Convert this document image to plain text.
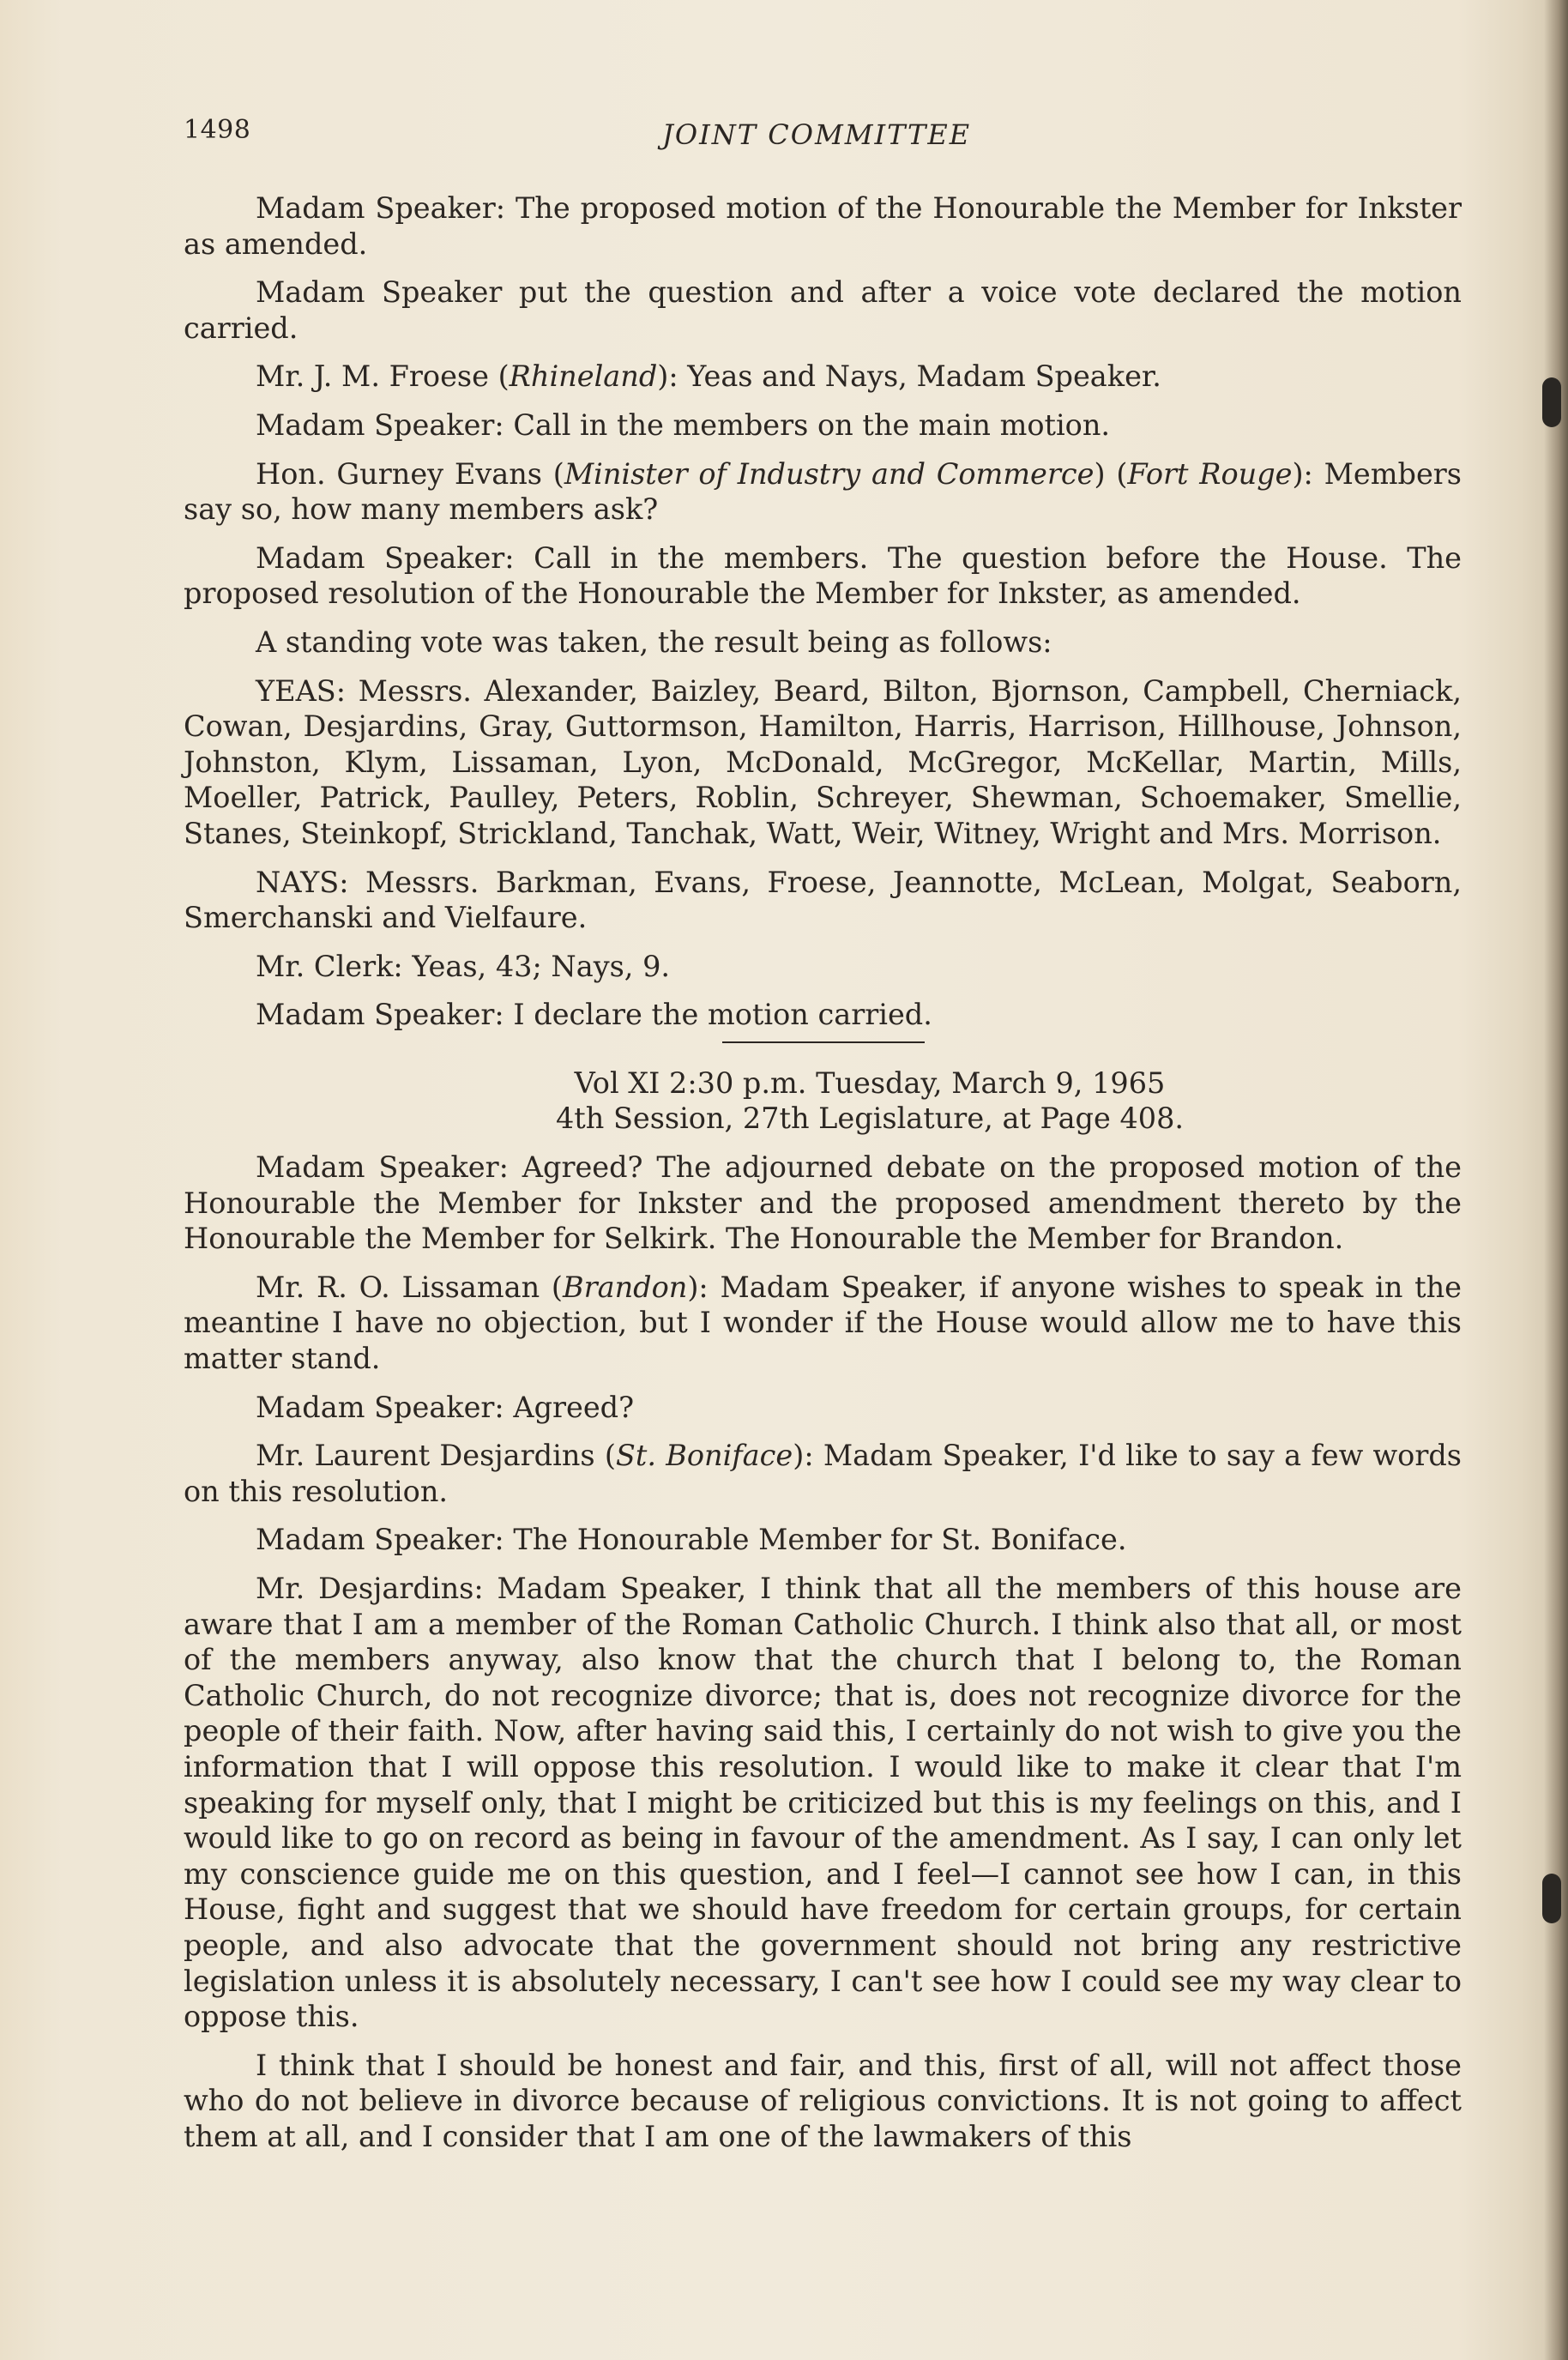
1498	JOINT COMMITTEE

Madam Speaker: The proposed motion of the Honourable the Member for Inkster as amended.

Madam Speaker put the question and after a voice vote declared the motion carried.

Mr. J. M. Froese (Rhineland): Yeas and Nays, Madam Speaker.

Madam Speaker: Call in the members on the main motion.

Hon. Gurney Evans (Minister of Industry and Commerce) (Fort Rouge): Members say so, how many members ask?

Madam Speaker: Call in the members. The question before the House. The proposed resolution of the Honourable the Member for Inkster, as amended.

A standing vote was taken, the result being as follows:

YEAS: Messrs. Alexander, Baizley, Beard, Bilton, Bjornson, Campbell, Cherniack, Cowan, Desjardins, Gray, Guttormson, Hamilton, Harris, Harrison, Hillhouse, Johnson, Johnston, Klym, Lissaman, Lyon, McDonald, McGregor, McKellar, Martin, Mills, Moeller, Patrick, Paulley, Peters, Roblin, Schreyer, Shewman, Schoemaker, Smellie, Stanes, Steinkopf, Strickland, Tanchak, Watt, Weir, Witney, Wright and Mrs. Morrison.

NAYS: Messrs. Barkman, Evans, Froese, Jeannotte, McLean, Molgat, Seaborn, Smerchanski and Vielfaure.

Mr. Clerk: Yeas, 43; Nays, 9.

Madam Speaker: I declare the motion carried.

Vol XI 2:30 p.m. Tuesday, March 9, 1965

4th Session, 27th Legislature, at Page 408.

Madam Speaker: Agreed? The adjourned debate on the proposed motion of the Honourable the Member for Inkster and the proposed amendment thereto by the Honourable the Member for Selkirk. The Honourable the Member for Brandon.

Mr. R. O. Lissaman (Brandon): Madam Speaker, if anyone wishes to speak in the meantine I have no objection, but I wonder if the House would allow me to have this matter stand.

Madam Speaker: Agreed?

Mr. Laurent Desjardins (St. Boniface): Madam Speaker, I'd like to say a few words on this resolution.

Madam Speaker: The Honourable Member for St. Boniface.

Mr. Desjardins: Madam Speaker, I think that all the members of this house are aware that I am a member of the Roman Catholic Church. I think also that all, or most of the members anyway, also know that the church that I belong to, the Roman Catholic Church, do not recognize divorce; that is, does not recognize divorce for the people of their faith. Now, after having said this, I certainly do not wish to give you the information that I will oppose this resolution. I would like to make it clear that I'm speaking for myself only, that I might be criticized but this is my feelings on this, and I would like to go on record as being in favour of the amendment. As I say, I can only let my conscience guide me on this question, and I feel—I cannot see how I can, in this House, fight and suggest that we should have freedom for certain groups, for certain people, and also advocate that the government should not bring any restrictive legislation unless it is absolutely necessary, I can't see how I could see my way clear to oppose this.

I think that I should be honest and fair, and this, first of all, will not affect those who do not believe in divorce because of religious convictions. It is not going to affect them at all, and I consider that I am one of the lawmakers of this
